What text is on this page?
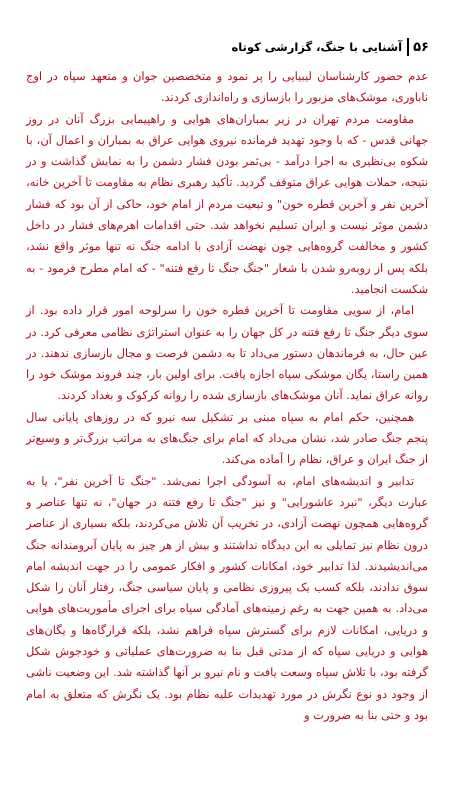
۵۶
آشنایی با جنگ، گزارشی کوتاه

عدم حضور کارشناسان لیبیایی را پر نمود و متخصصین جوان و متعهد سپاه در اوج ناباوری، موشک‌های مزبور را بازسازی و راه‌اندازی کردند.

مقاومت مردم تهران در زیر بمباران‌های هوایی و راهپیمایی بزرگ آنان در روز جهانی قدس - که با وجود تهدید فرمانده نیروی هوایی عراق به بمباران و اعمال آن، با شکوه بی‌نظیری به اجرا درآمد - بی‌ثمر بودن فشار دشمن را به نمایش گذاشت و در نتیجه، حملات هوایی عراق متوقف گردید. تأکید رهبری نظام به مقاومت تا آخرین خانه، آخرین نفر و آخرین قطره خون" و تبعیت مردم از امام خود، حاکی از آن بود که فشار دشمن موثر نیست و ایران تسلیم نخواهد شد. حتی اقدامات اهرم‌های فشار در داخل کشور و مخالفت گروه‌هایی چون نهضت آزادی با ادامه جنگ نه تنها موثر واقع نشد، بلکه پس از روبه‌رو شدن با شعار "جنگ جنگ تا رفع فتنه" - که امام مطرح فرمود - به شکست انجامید.

امام، از سویی مقاومت تا آخرین قطره خون را سرلوحه امور قرار داده بود. از سوی دیگر جنگ تا رفع فتنه در کل جهان را به عنوان استراتژی نظامی معرفی کرد. در عین حال، به فرماندهان دستور می‌داد تا به دشمن فرصت و مجال بازسازی ندهند. در همین راستا، یگان موشکی سپاه اجازه یافت. برای اولین بار، چند فروند موشک خود را روانه عراق نماید. آنان موشک‌های بازسازی شده را روانه کرکوک و بغداد کردند.

همچنین، حکم امام به سپاه مبنی بر تشکیل سه نیرو که در روزهای پایانی سال پنجم جنگ صادر شد، نشان می‌داد که امام برای جنگ‌های به مراتب بزرگ‌تر و وسیع‌تر از جنگ ایران و عراق، نظام را آماده می‌کند.

تدابیر و اندیشه‌های امام، به آسودگی اجرا نمی‌شد. "جنگ تا آخرین نفر"، یا به عبارت دیگر، "نبرد عاشورایی" و نیز "جنگ تا رفع فتنه در جهان"، نه تنها عناصر و گروه‌هایی همچون نهضت آزادی، در تخریب آن تلاش می‌کردند، بلکه بسیاری از عناصر درون نظام نیز تمایلی به این دیدگاه نداشتند و بیش از هر چیز به پایان آبرومندانه جنگ می‌اندیشیدند. لذا تدابیر خود، امکانات کشور و افکار عمومی را در جهت اندیشه امام سوق ندادند، بلکه کسب یک پیروزی نظامی و پایان سیاسی جنگ، رفتار آنان را شکل می‌داد. به همین جهت به رغم زمینه‌های آمادگی سپاه برای اجرای مأموریت‌های هوایی و دریایی، امکانات لازم برای گسترش سپاه فراهم نشد، بلکه قرارگاه‌ها و یگان‌های هوایی و دریایی سپاه که از مدتی قبل بنا به ضرورت‌های عملیاتی و خودجوش شکل گرفته بود، با تلاش سپاه وسعت یافت و نام نیرو بر آنها گذاشته شد. این وضعیت ناشی از وجود دو نوع نگرش در مورد تهدیدات علیه نظام بود. یک نگرش که متعلق به امام بود و حتی بنا به ضرورت و
